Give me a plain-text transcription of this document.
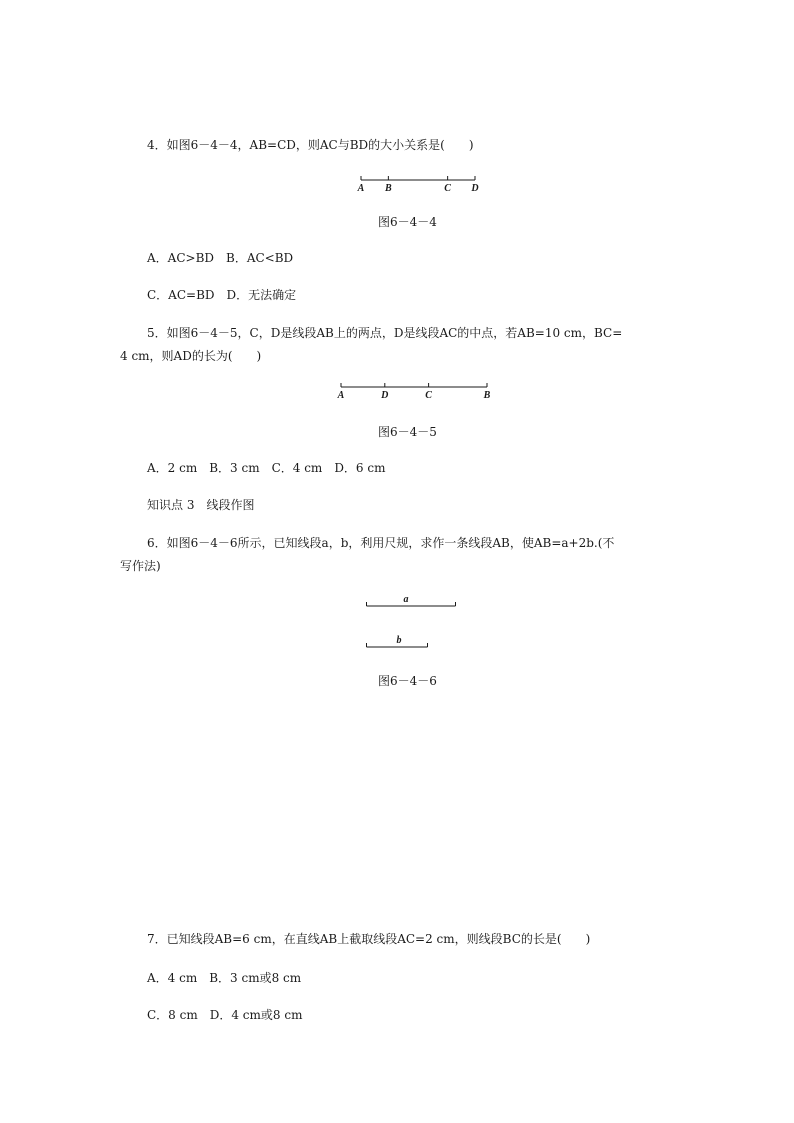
4．如图6－4－4，AB=CD，则AC与BD的大小关系是(　　)
A B	C D
图6－4－4
A．AC>BD　B．AC<BD
C．AC=BD　D．无法确定
5．如图6－4－5，C，D是线段AB上的两点，D是线段AC的中点，若AB=10 cm，BC=
4 cm，则AD的长为(　　)
A	D	C	B
图6－4－5
A．2 cm　B．3 cm　C．4 cm　D．6 cm
知识点 3　线段作图
6．如图6－4－6所示，已知线段a，b，利用尺规，求作一条线段AB，使AB=a+2b.(不
写作法)
a
b
图6－4－6
7．已知线段AB=6 cm，在直线AB上截取线段AC=2 cm，则线段BC的长是(　　)
A．4 cm　B．3 cm或8 cm
C．8 cm　D．4 cm或8 cm
